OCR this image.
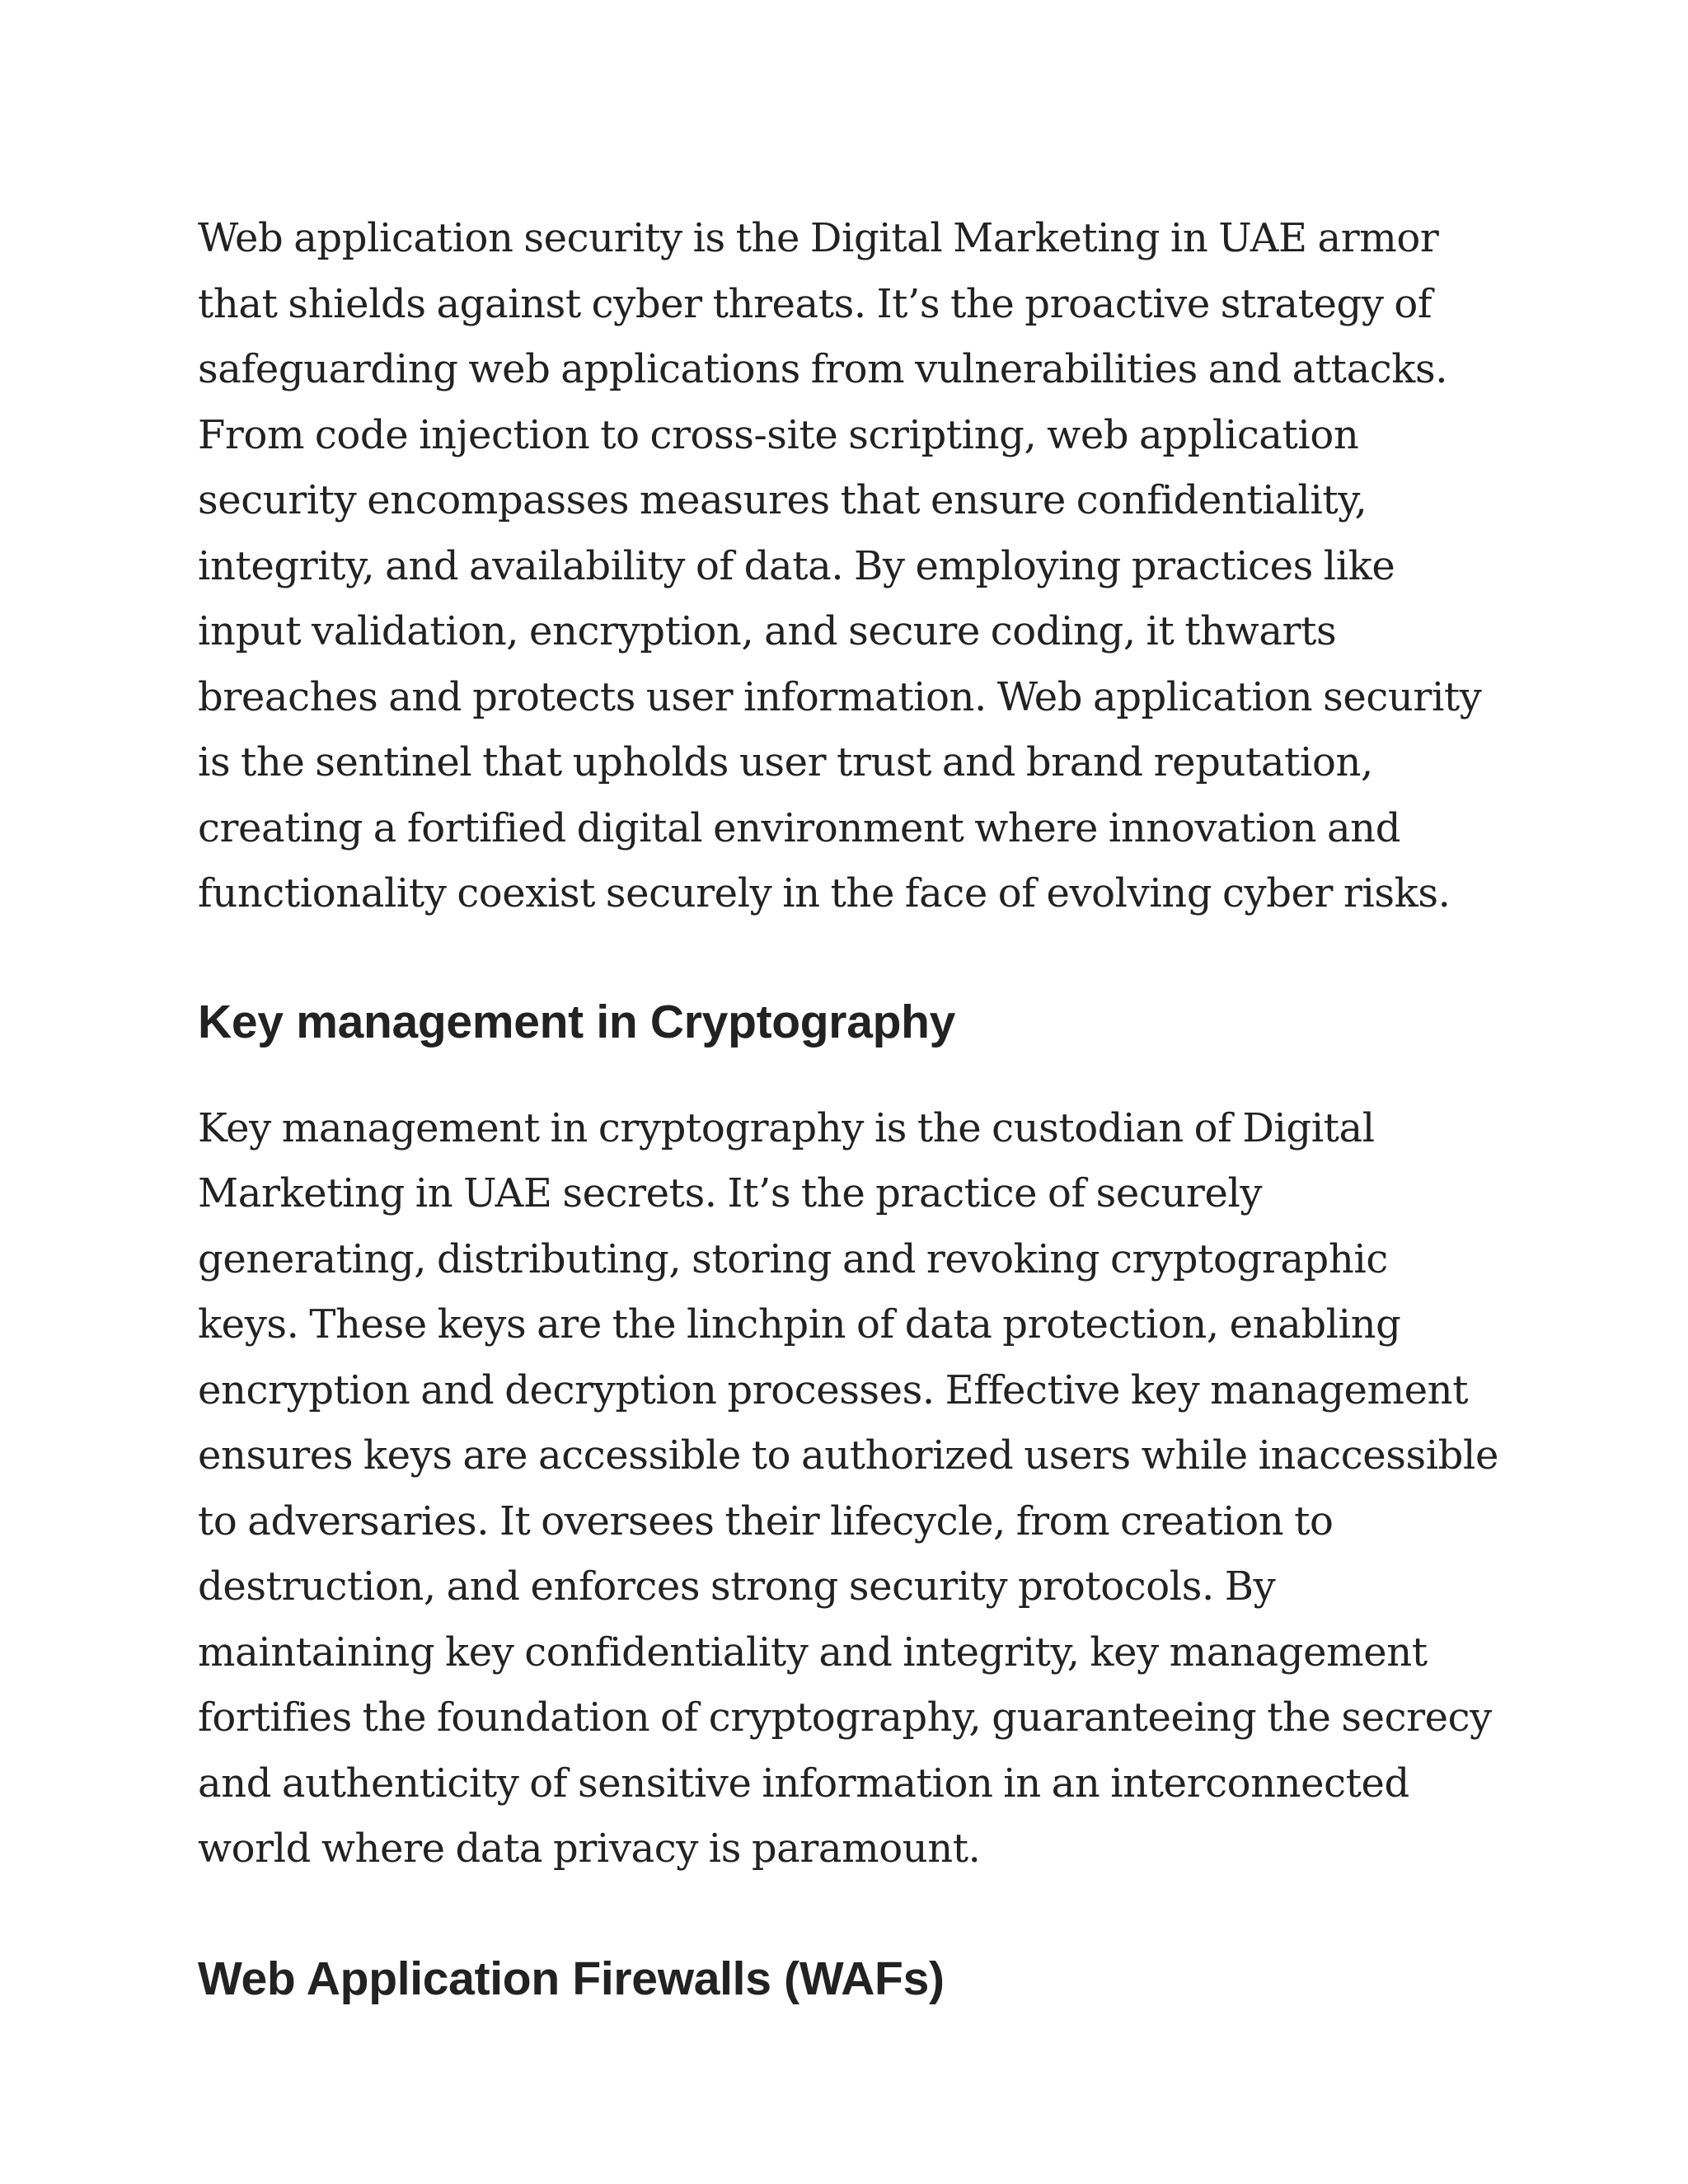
Web application security is the Digital Marketing in UAE armor that shields against cyber threats. It’s the proactive strategy of safeguarding web applications from vulnerabilities and attacks. From code injection to cross-site scripting, web application security encompasses measures that ensure confidentiality, integrity, and availability of data. By employing practices like input validation, encryption, and secure coding, it thwarts breaches and protects user information. Web application security is the sentinel that upholds user trust and brand reputation, creating a fortified digital environment where innovation and functionality coexist securely in the face of evolving cyber risks.

Key management in Cryptography

Key management in cryptography is the custodian of Digital Marketing in UAE secrets. It’s the practice of securely generating, distributing, storing and revoking cryptographic keys. These keys are the linchpin of data protection, enabling encryption and decryption processes. Effective key management ensures keys are accessible to authorized users while inaccessible to adversaries. It oversees their lifecycle, from creation to destruction, and enforces strong security protocols. By maintaining key confidentiality and integrity, key management fortifies the foundation of cryptography, guaranteeing the secrecy and authenticity of sensitive information in an interconnected world where data privacy is paramount.

Web Application Firewalls (WAFs)
